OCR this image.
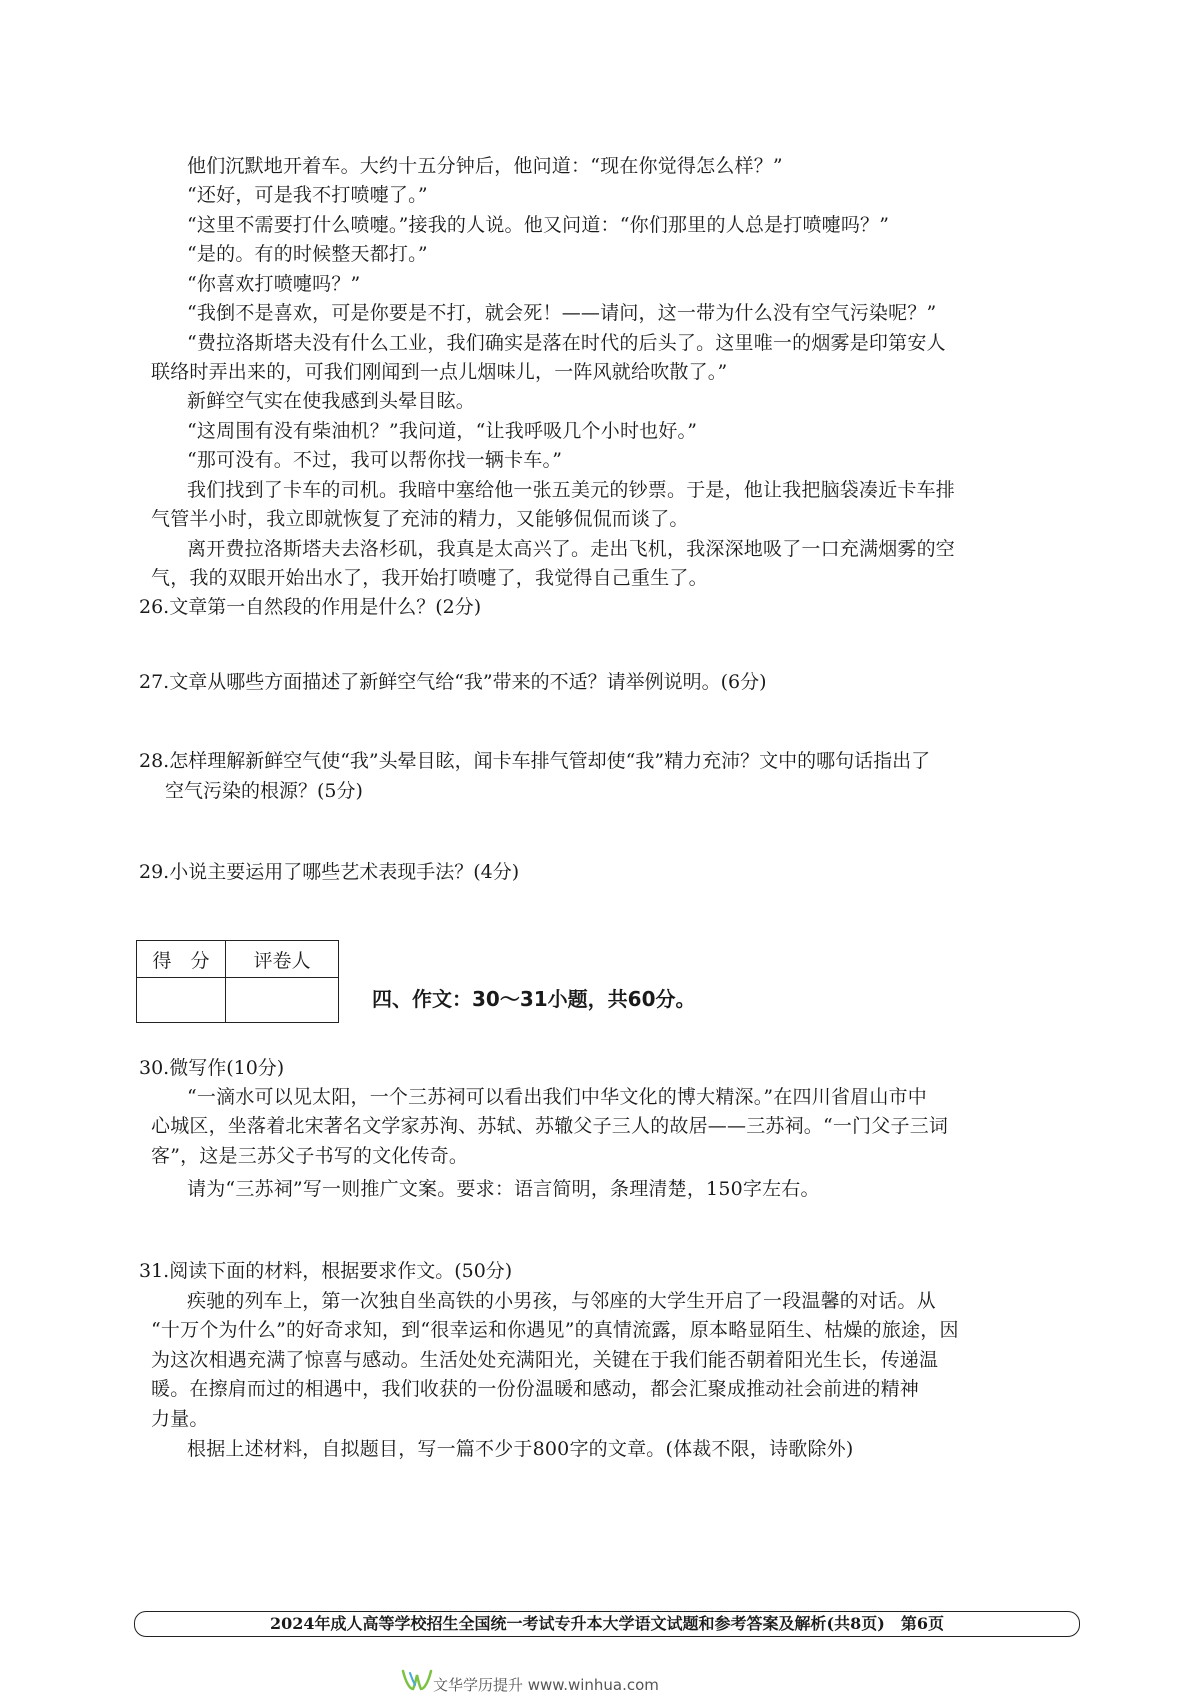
他们沉默地开着车。大约十五分钟后，他问道：“现在你觉得怎么样？”
“还好，可是我不打喷嚏了。”
“这里不需要打什么喷嚏。”接我的人说。他又问道：“你们那里的人总是打喷嚏吗？”
“是的。有的时候整天都打。”
“你喜欢打喷嚏吗？”
“我倒不是喜欢，可是你要是不打，就会死！——请问，这一带为什么没有空气污染呢？”
“费拉洛斯塔夫没有什么工业，我们确实是落在时代的后头了。这里唯一的烟雾是印第安人
联络时弄出来的，可我们刚闻到一点儿烟味儿，一阵风就给吹散了。”
新鲜空气实在使我感到头晕目眩。
“这周围有没有柴油机？”我问道，“让我呼吸几个小时也好。”
“那可没有。不过，我可以帮你找一辆卡车。”
我们找到了卡车的司机。我暗中塞给他一张五美元的钞票。于是，他让我把脑袋凑近卡车排
气管半小时，我立即就恢复了充沛的精力，又能够侃侃而谈了。
离开费拉洛斯塔夫去洛杉矶，我真是太高兴了。走出飞机，我深深地吸了一口充满烟雾的空
气，我的双眼开始出水了，我开始打喷嚏了，我觉得自己重生了。
26.文章第一自然段的作用是什么？(2分)
27.文章从哪些方面描述了新鲜空气给“我”带来的不适？请举例说明。(6分)
28.怎样理解新鲜空气使“我”头晕目眩，闻卡车排气管却使“我”精力充沛？文中的哪句话指出了
空气污染的根源？(5分)
29.小说主要运用了哪些艺术表现手法？(4分)
得　分	评卷人

四、作文：30～31小题，共60分。
30.微写作(10分)
“一滴水可以见太阳，一个三苏祠可以看出我们中华文化的博大精深。”在四川省眉山市中
心城区，坐落着北宋著名文学家苏洵、苏轼、苏辙父子三人的故居——三苏祠。“一门父子三词
客”，这是三苏父子书写的文化传奇。
请为“三苏祠”写一则推广文案。要求：语言简明，条理清楚，150字左右。
31.阅读下面的材料，根据要求作文。(50分)
疾驰的列车上，第一次独自坐高铁的小男孩，与邻座的大学生开启了一段温馨的对话。从
“十万个为什么”的好奇求知，到“很幸运和你遇见”的真情流露，原本略显陌生、枯燥的旅途，因
为这次相遇充满了惊喜与感动。生活处处充满阳光，关键在于我们能否朝着阳光生长，传递温
暖。在擦肩而过的相遇中，我们收获的一份份温暖和感动，都会汇聚成推动社会前进的精神
力量。
根据上述材料，自拟题目，写一篇不少于800字的文章。(体裁不限，诗歌除外)
2024年成人高等学校招生全国统一考试专升本大学语文试题和参考答案及解析(共8页)　第6页
文华学历提升 www.winhua.com
